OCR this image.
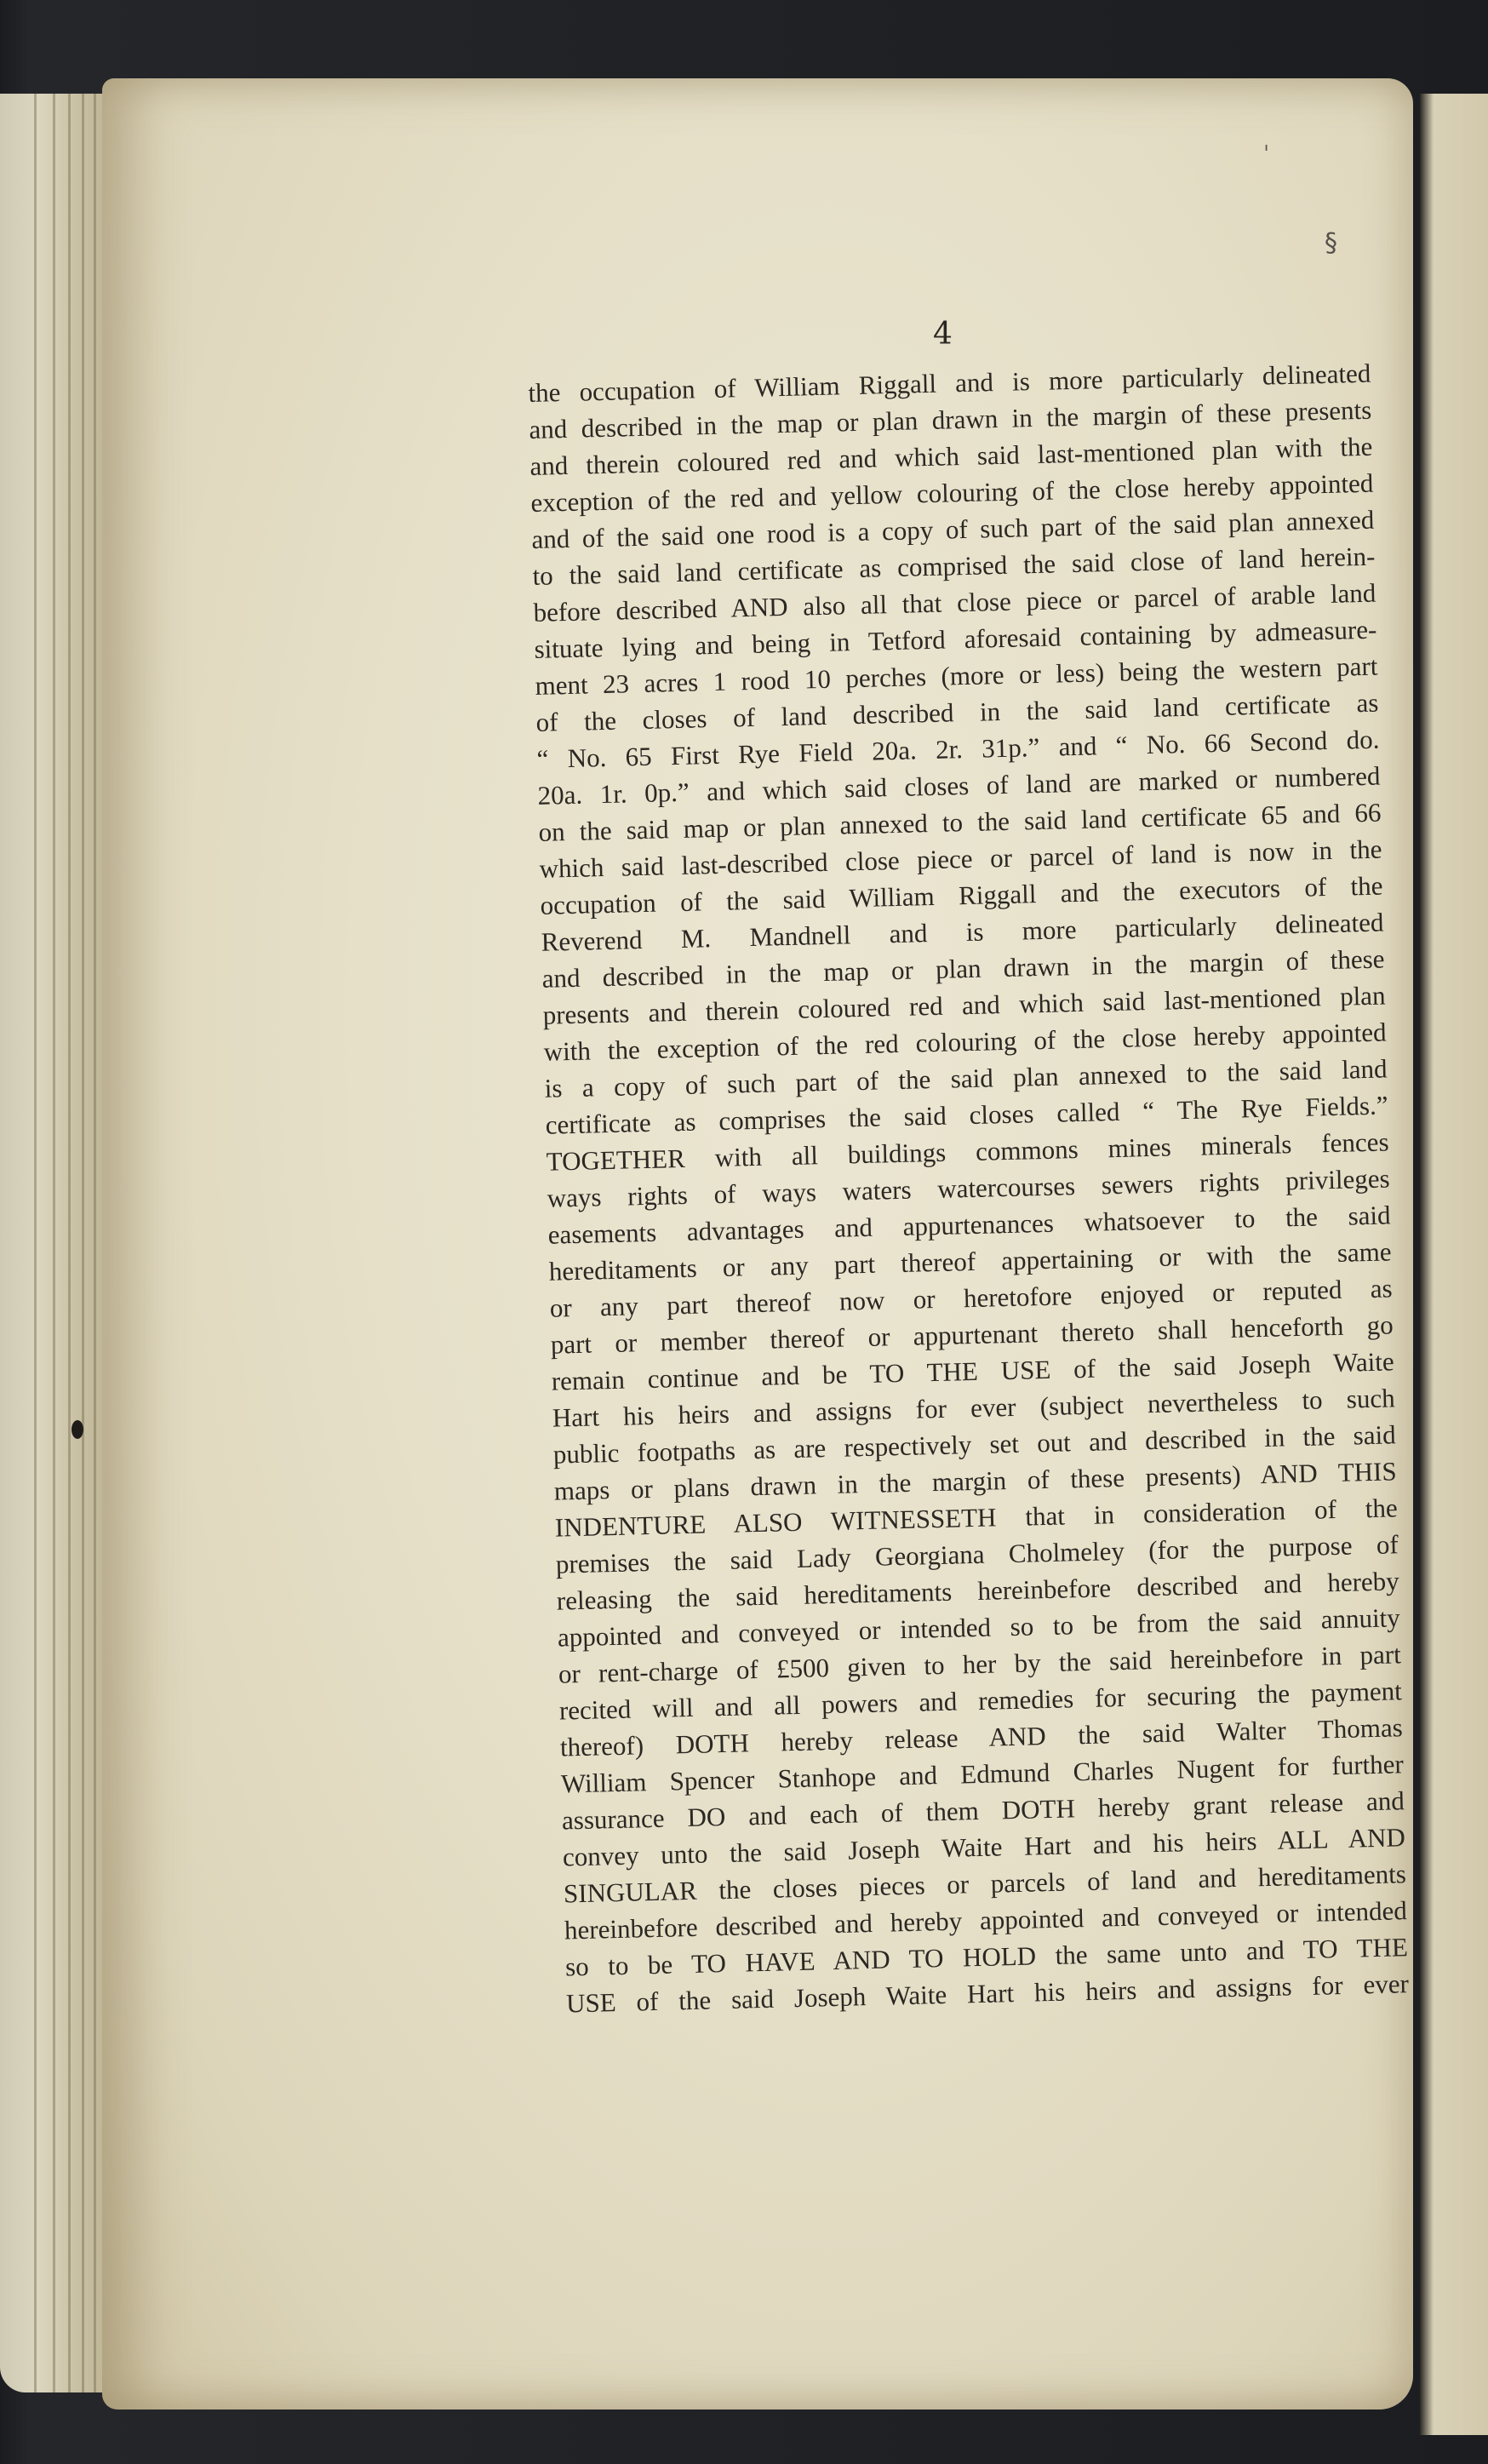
ˌ
§
4
the occupation of William Riggall and is more particularly delineated
and described in the map or plan drawn in the margin of these presents
and therein coloured red and which said last-mentioned plan with the
exception of the red and yellow colouring of the close hereby appointed
and of the said one rood is a copy of such part of the said plan annexed
to the said land certificate as comprised the said close of land herein-
before described AND also all that close piece or parcel of arable land
situate lying and being in Tetford aforesaid containing by admeasure-
ment 23 acres 1 rood 10 perches (more or less) being the western part
of the closes of land described in the said land certificate as
“ No. 65 First Rye Field 20a. 2r. 31p.” and “ No. 66 Second do.
20a. 1r. 0p.” and which said closes of land are marked or numbered
on the said map or plan annexed to the said land certificate 65 and 66
which said last-described close piece or parcel of land is now in the
occupation of the said William Riggall and the executors of the
Reverend M. Mandnell and is more particularly delineated
and described in the map or plan drawn in the margin of these
presents and therein coloured red and which said last-mentioned plan
with the exception of the red colouring of the close hereby appointed
is a copy of such part of the said plan annexed to the said land
certificate as comprises the said closes called “ The Rye Fields.”
TOGETHER with all buildings commons mines minerals fences
ways rights of ways waters watercourses sewers rights privileges
easements advantages and appurtenances whatsoever to the said
hereditaments or any part thereof appertaining or with the same
or any part thereof now or heretofore enjoyed or reputed as
part or member thereof or appurtenant thereto shall henceforth go
remain continue and be TO THE USE of the said Joseph Waite
Hart his heirs and assigns for ever (subject nevertheless to such
public footpaths as are respectively set out and described in the said
maps or plans drawn in the margin of these presents) AND THIS
INDENTURE ALSO WITNESSETH that in consideration of the
premises the said Lady Georgiana Cholmeley (for the purpose of
releasing the said hereditaments hereinbefore described and hereby
appointed and conveyed or intended so to be from the said annuity
or rent-charge of £500 given to her by the said hereinbefore in part
recited will and all powers and remedies for securing the payment
thereof) DOTH hereby release AND the said Walter Thomas
William Spencer Stanhope and Edmund Charles Nugent for further
assurance DO and each of them DOTH hereby grant release and
convey unto the said Joseph Waite Hart and his heirs ALL AND
SINGULAR the closes pieces or parcels of land and hereditaments
hereinbefore described and hereby appointed and conveyed or intended
so to be TO HAVE AND TO HOLD the same unto and TO THE
USE of the said Joseph Waite Hart his heirs and assigns for ever
